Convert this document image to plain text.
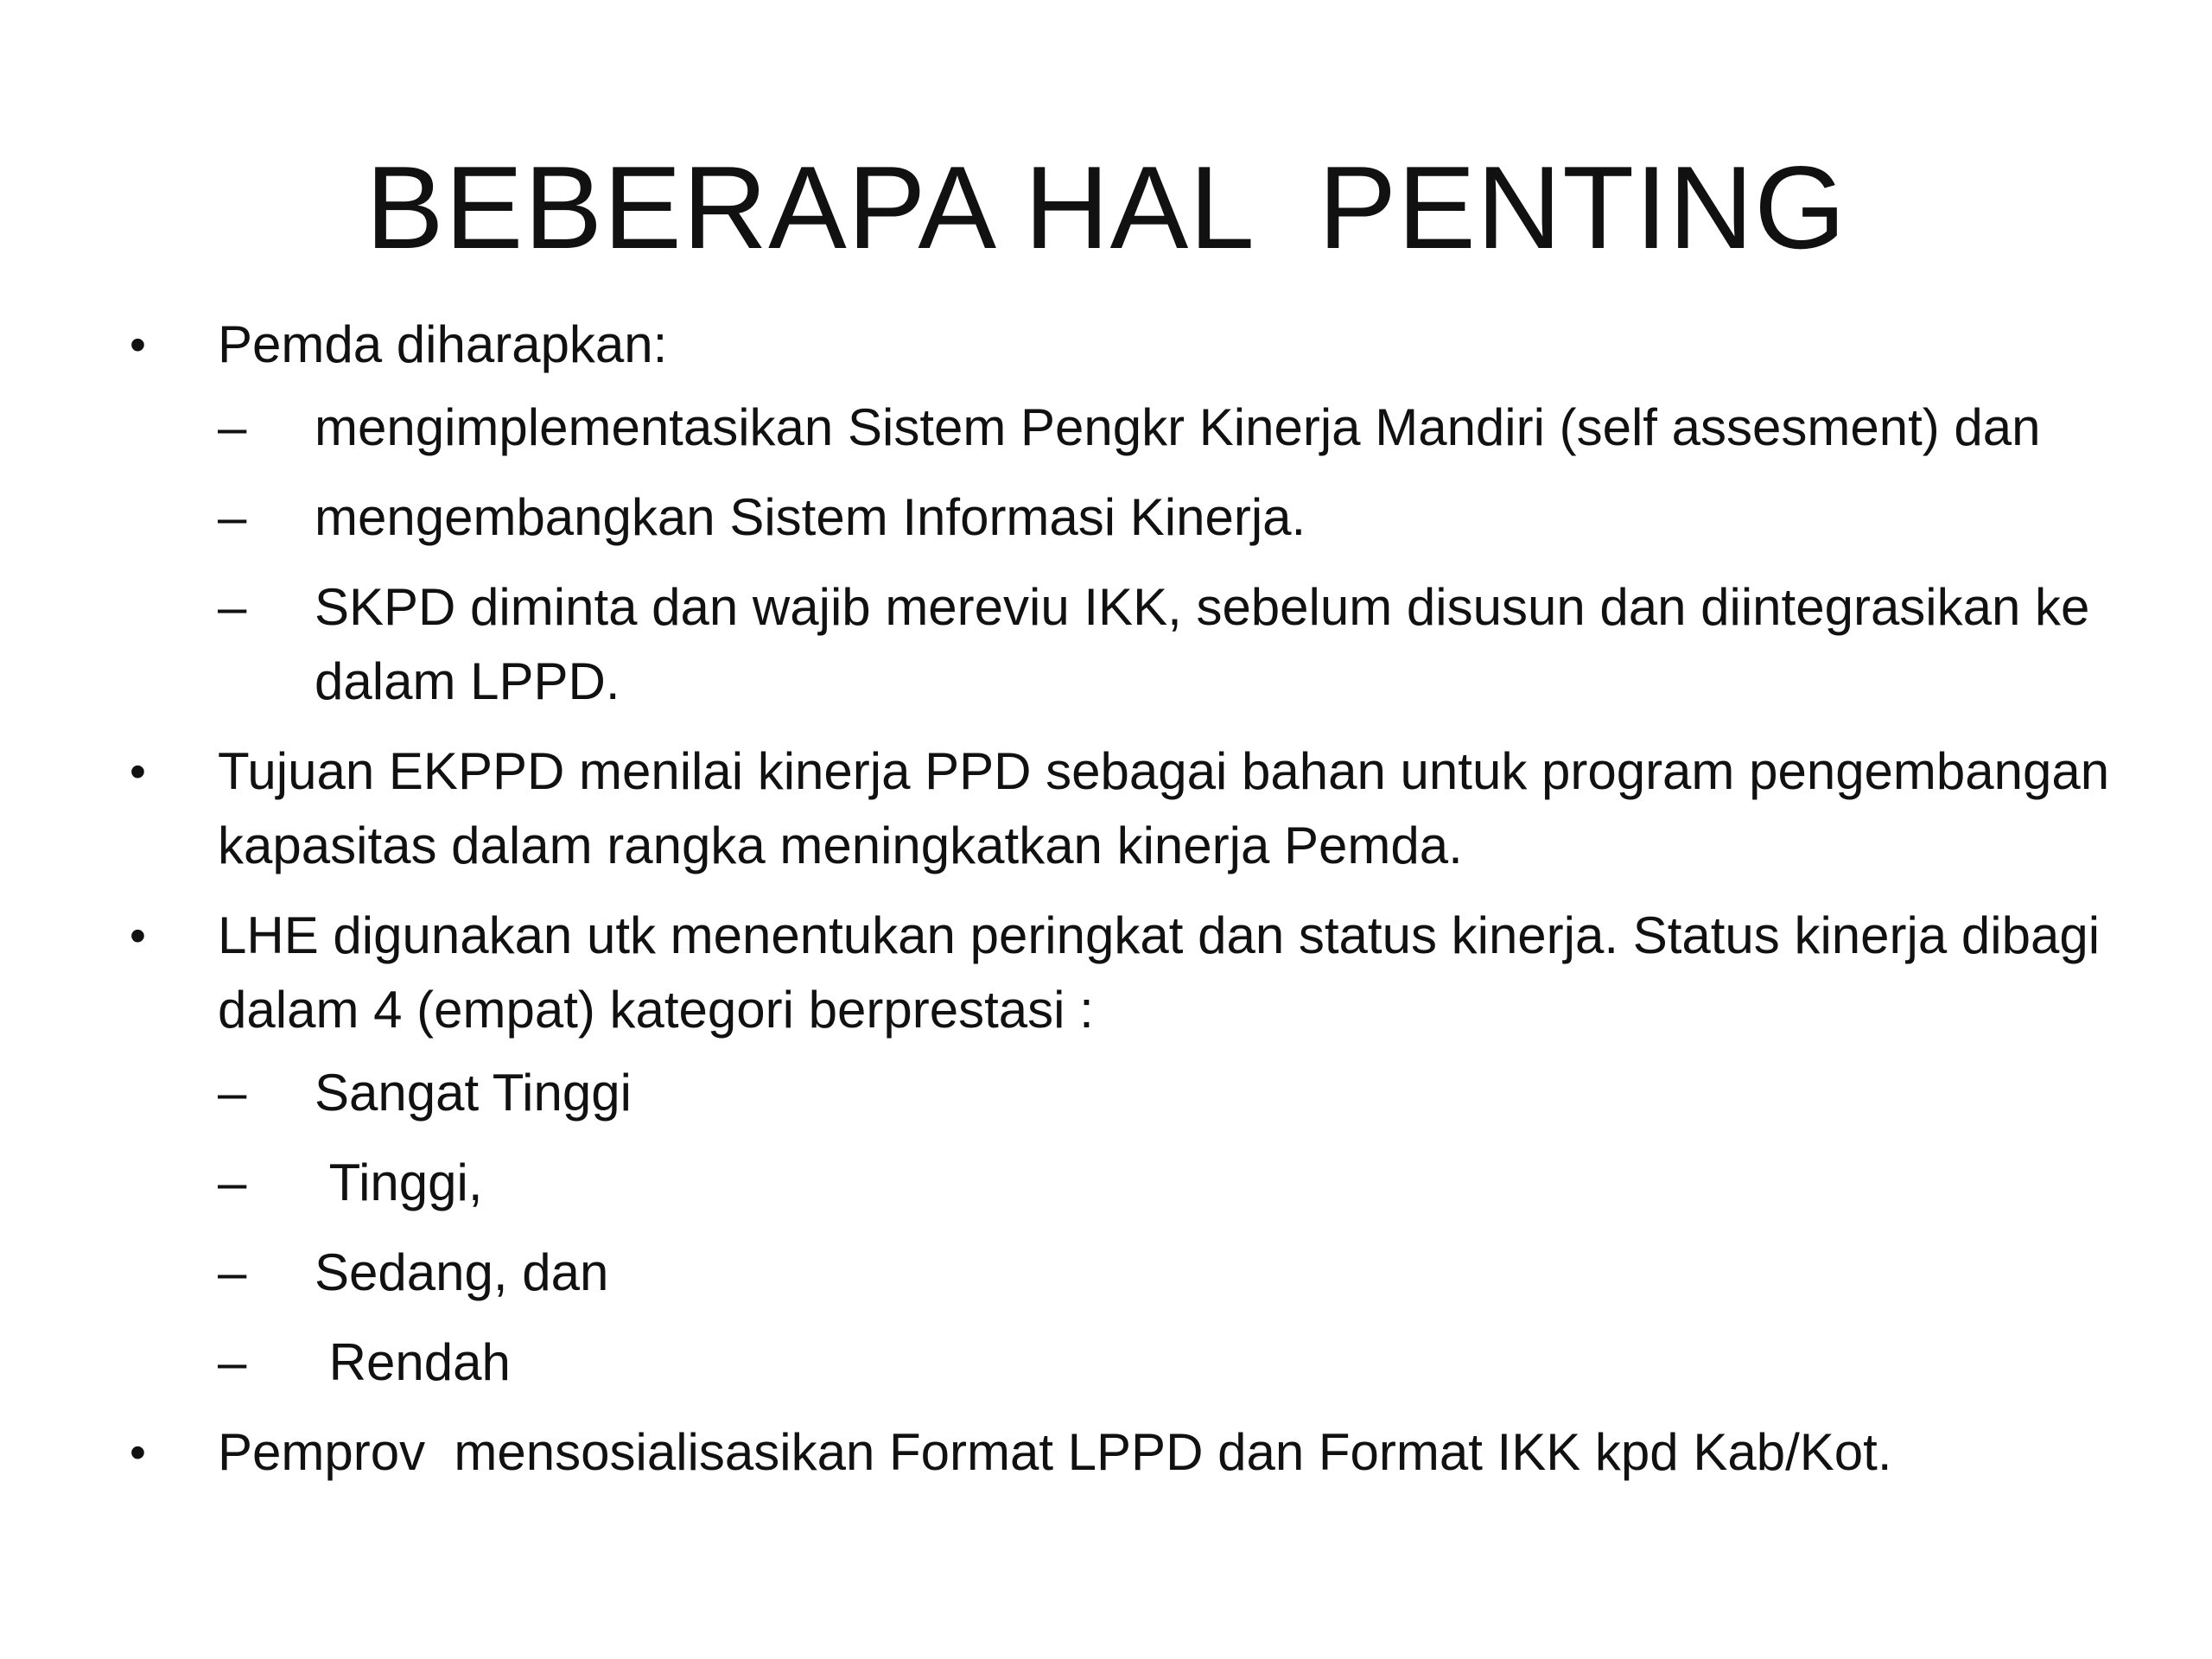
BEBERAPA HAL  PENTING
•	Pemda diharapkan:
–	mengimplementasikan Sistem Pengkr Kinerja Mandiri (self assesment) dan
–	mengembangkan Sistem Informasi Kinerja.
–	SKPD diminta dan wajib mereviu IKK, sebelum disusun dan diintegrasikan ke dalam LPPD.
•	Tujuan EKPPD menilai kinerja PPD sebagai bahan untuk program pengembangan kapasitas dalam rangka meningkatkan kinerja Pemda.
•	LHE digunakan utk menentukan peringkat dan status kinerja. Status kinerja dibagi dalam 4 (empat) kategori berprestasi :
–	Sangat Tinggi
–	Tinggi,
–	Sedang, dan
–	Rendah
•	Pemprov  mensosialisasikan Format LPPD dan Format IKK kpd Kab/Kot.
